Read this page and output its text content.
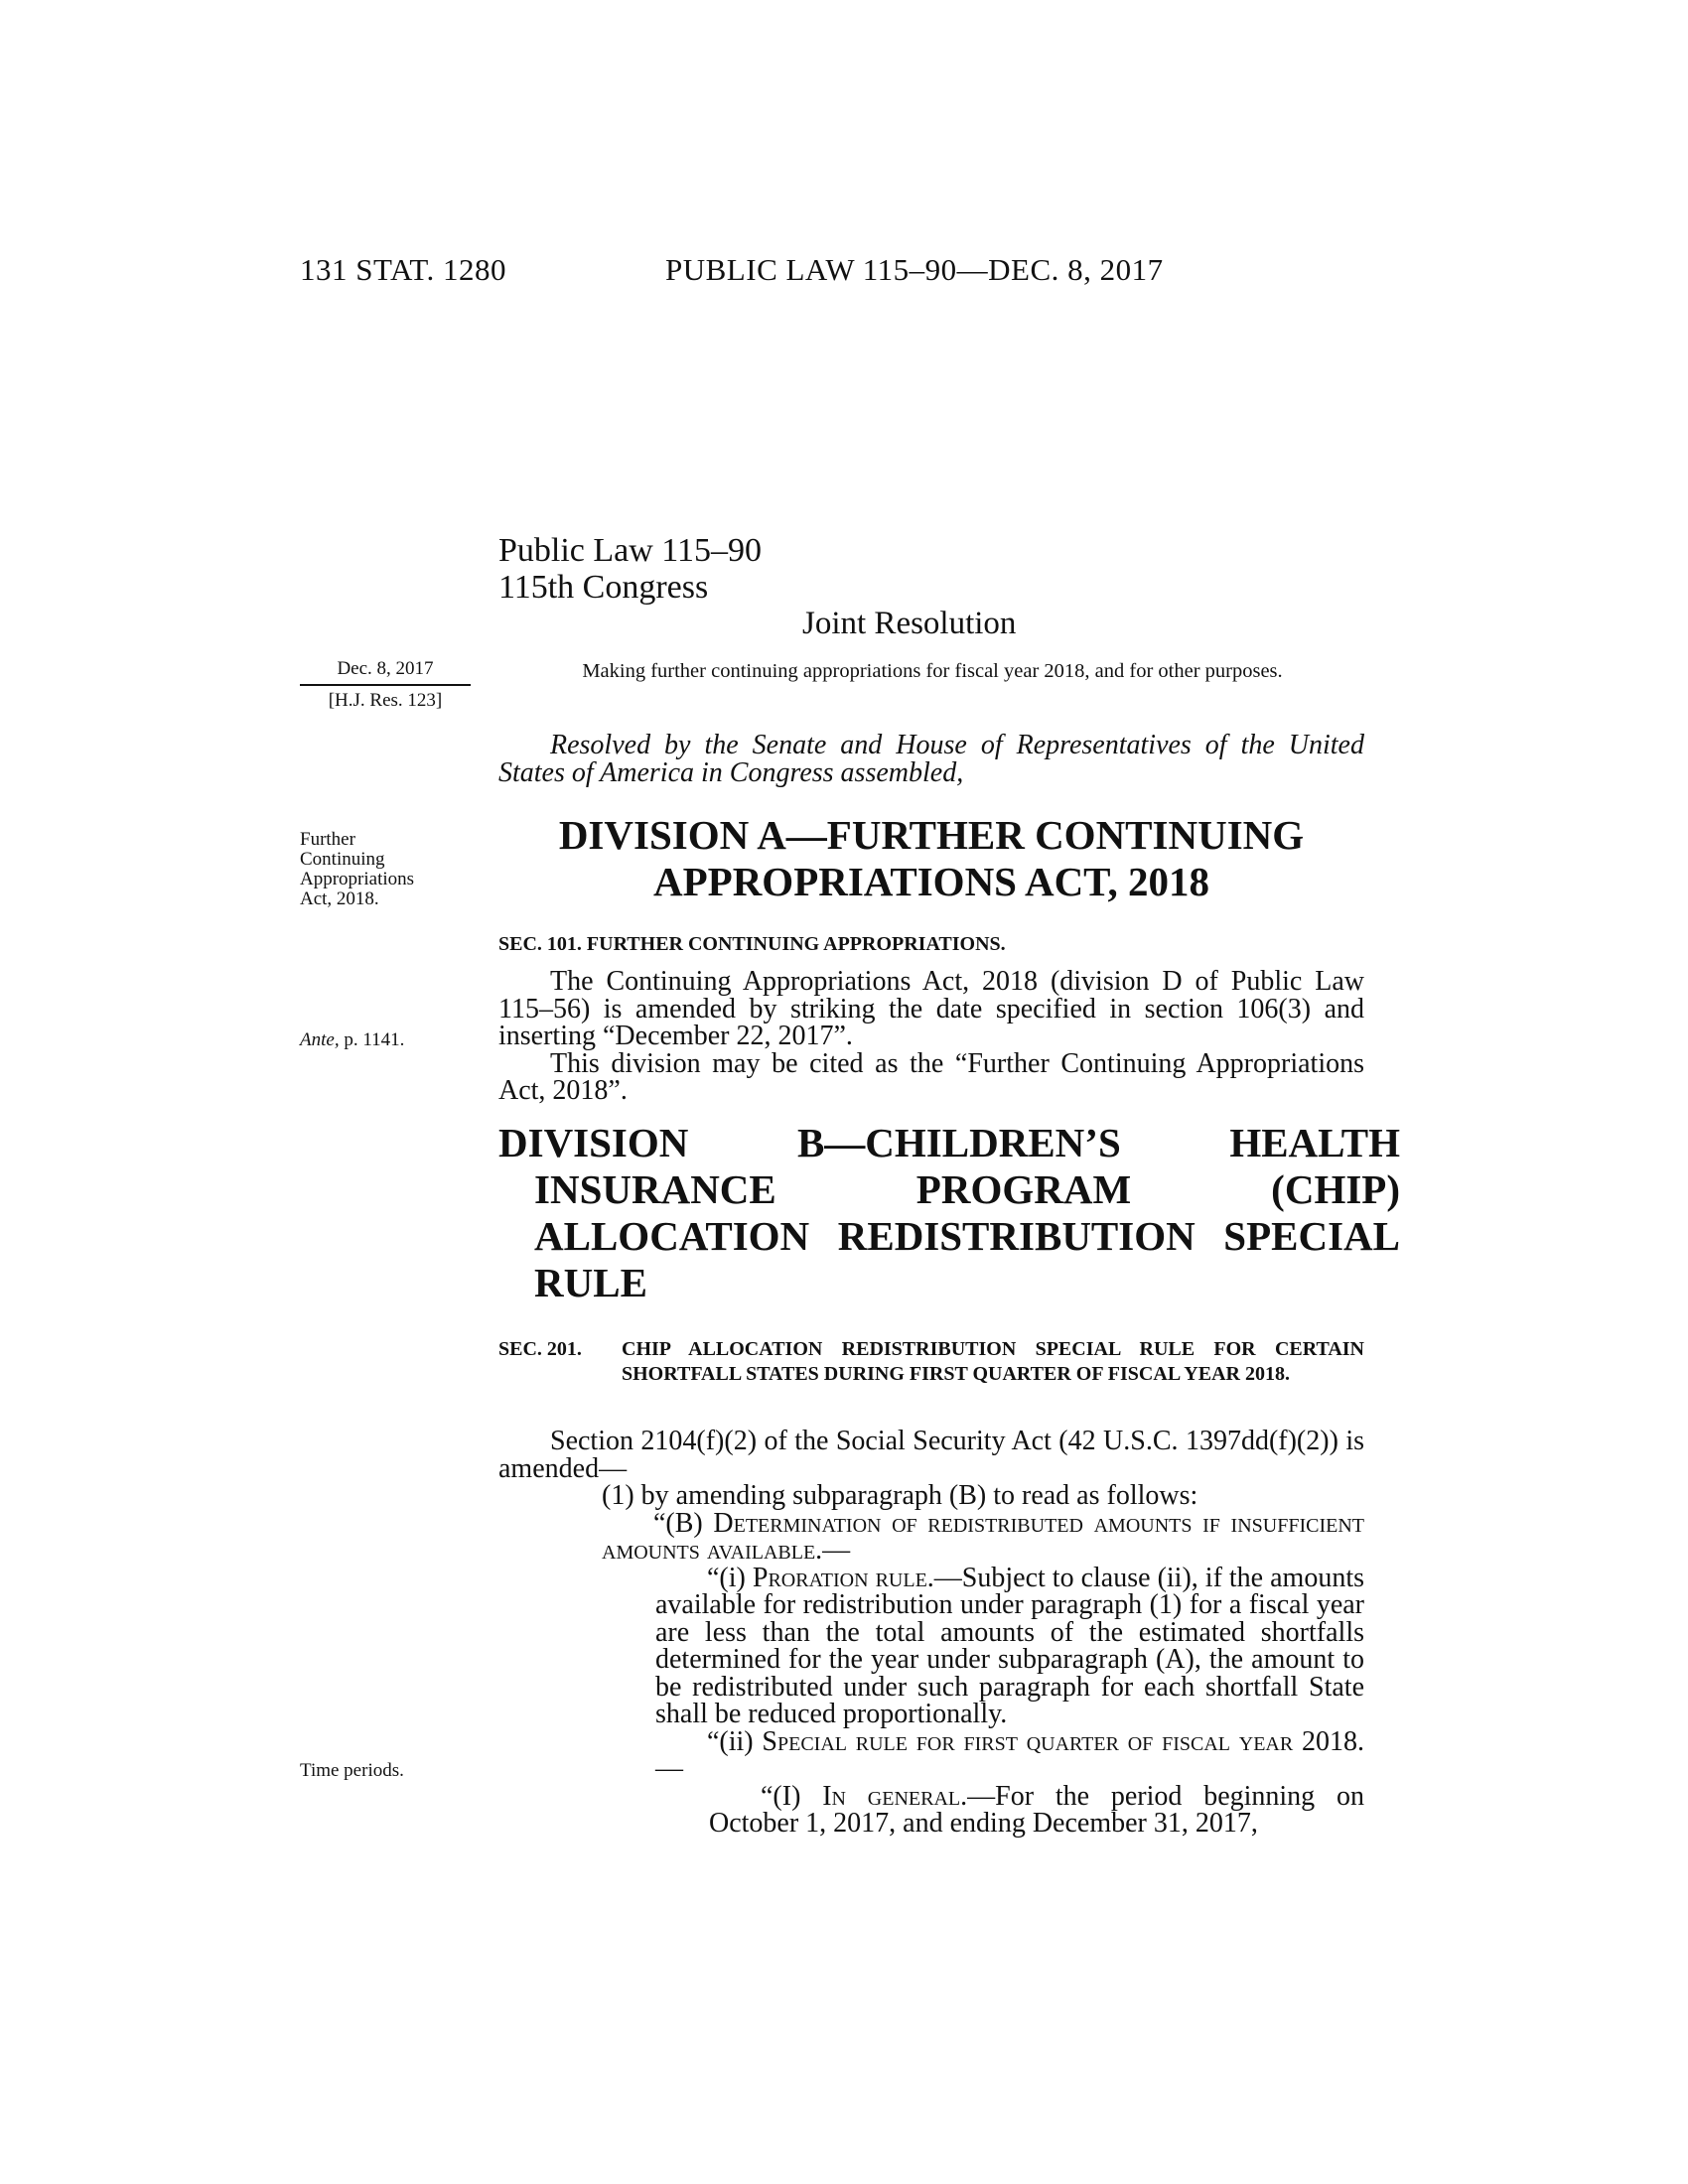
131 STAT. 1280	PUBLIC LAW 115–90—DEC. 8, 2017
Public Law 115–90
115th Congress
Joint Resolution
Dec. 8, 2017
[H.J. Res. 123]
Making further continuing appropriations for fiscal year 2018, and for other purposes.
Resolved by the Senate and House of Representatives of the United States of America in Congress assembled,
Further
Continuing
Appropriations
Act, 2018.
DIVISION A—FURTHER CONTINUING
APPROPRIATIONS ACT, 2018
SEC. 101. FURTHER CONTINUING APPROPRIATIONS.

The Continuing Appropriations Act, 2018 (division D of Public Law 115–56) is amended by striking the date specified in section 106(3) and inserting “December 22, 2017”.

This division may be cited as the “Further Continuing Appropriations Act, 2018”.

Ante, p. 1141.
DIVISION B—CHILDREN’S HEALTH INSURANCE PROGRAM (CHIP) ALLOCATION REDISTRIBUTION SPECIAL RULE
SEC. 201. CHIP ALLOCATION REDISTRIBUTION SPECIAL RULE FOR CERTAIN SHORTFALL STATES DURING FIRST QUARTER OF FISCAL YEAR 2018.

Section 2104(f)(2) of the Social Security Act (42 U.S.C. 1397dd(f)(2)) is amended—

(1) by amending subparagraph (B) to read as follows:

“(B) Determination of redistributed amounts if insufficient amounts available.—

“(i) Proration rule.—Subject to clause (ii), if the amounts available for redistribution under paragraph (1) for a fiscal year are less than the total amounts of the estimated shortfalls determined for the year under subparagraph (A), the amount to be redistributed under such paragraph for each shortfall State shall be reduced proportionally.

“(ii) Special rule for first quarter of fiscal year 2018.—

“(I) In general.—For the period beginning on October 1, 2017, and ending December 31, 2017,

Time periods.
